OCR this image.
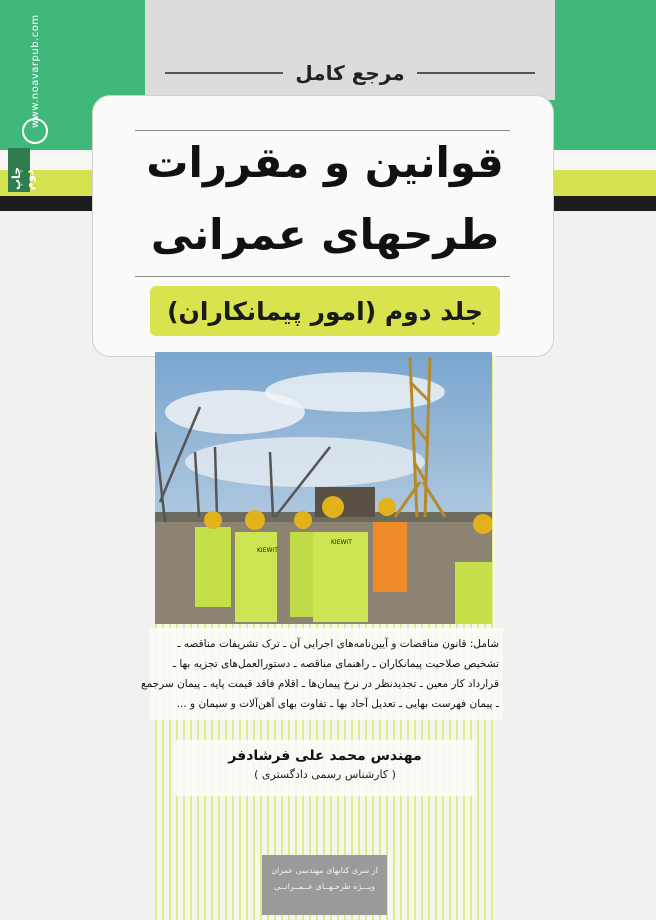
www.noavarpub.com
چاپ دوم
مرجع کامل
قوانین و مقررات
طرحهای عمرانی
جلد دوم (امور پیمانکاران)
KIEWIT
KIEWIT
شامل: قانون مناقصات و آیین‌نامه‌های اجرایی آن ـ ترک تشریفات مناقصه ـ
تشخیص صلاحیت پیمانکاران ـ راهنمای مناقصه ـ دستورالعمل‌های تجزیه بها ـ
قرارداد کار معین ـ تجدیدنظر در نرخ پیمان‌ها ـ اقلام فاقد قیمت پایه ـ پیمان سرجمع
ـ پیمان فهرست بهایی ـ تعدیل آحاد بها ـ تفاوت بهای آهن‌آلات و سیمان و ...
مهندس محمد علی فرشادفر
( کارشناس رسمی دادگستری )
از سری کتابهای مهندسی عمران
ویـــژه طرحـهــای عــمــرانــی
